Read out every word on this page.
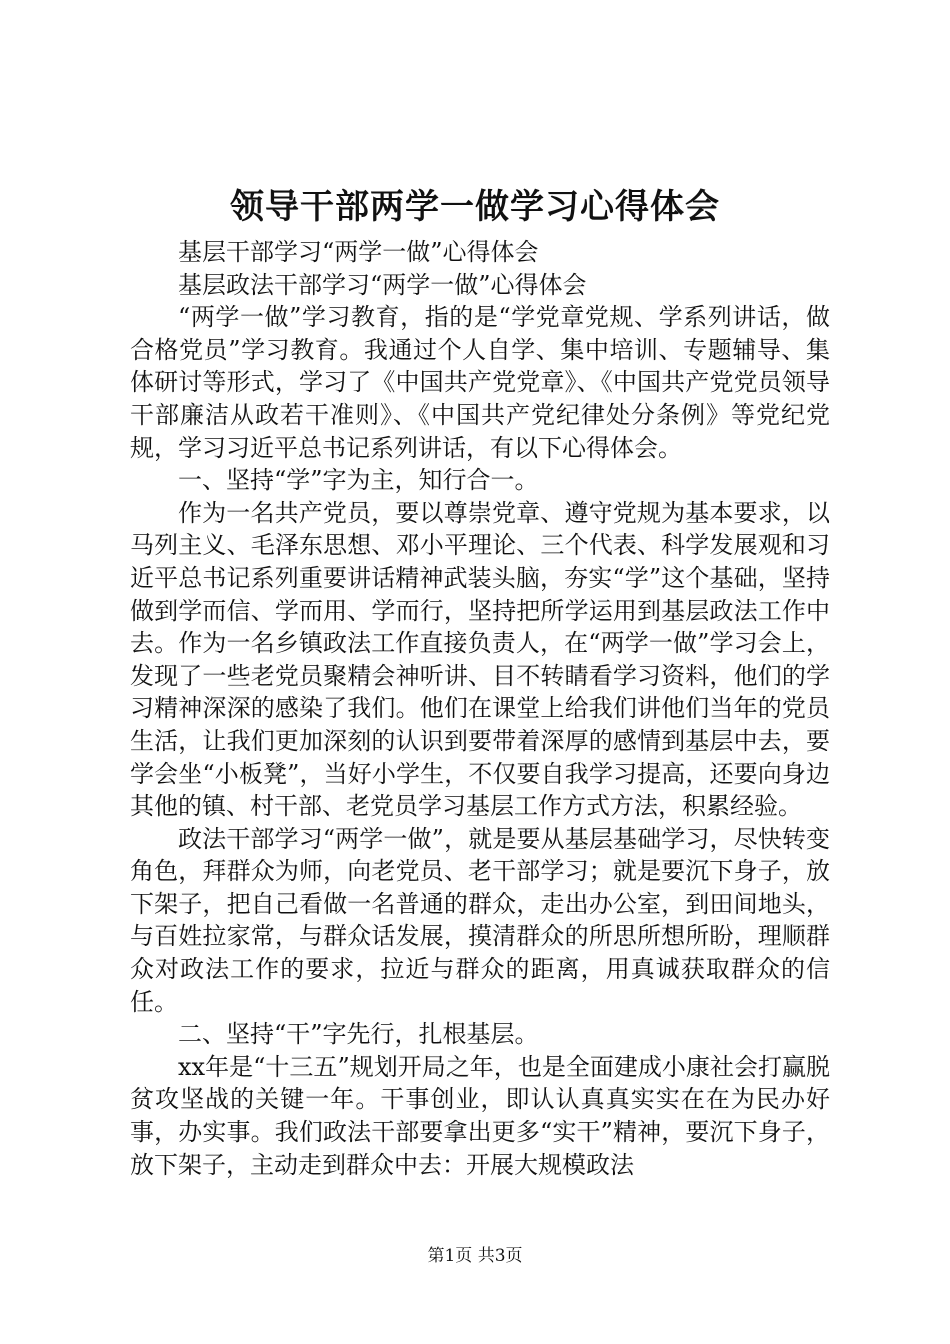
领导干部两学一做学习心得体会

基层干部学习“两学一做”心得体会

基层政法干部学习“两学一做”心得体会

“两学一做”学习教育，指的是“学党章党规、学系列讲话，做合格党员”学习教育。我通过个人自学、集中培训、专题辅导、集体研讨等形式，学习了《中国共产党党章》、《中国共产党党员领导干部廉洁从政若干准则》、《中国共产党纪律处分条例》等党纪党规，学习习近平总书记系列讲话，有以下心得体会。

一、坚持“学”字为主，知行合一。

作为一名共产党员，要以尊崇党章、遵守党规为基本要求，以马列主义、毛泽东思想、邓小平理论、三个代表、科学发展观和习近平总书记系列重要讲话精神武装头脑，夯实“学”这个基础，坚持做到学而信、学而用、学而行，坚持把所学运用到基层政法工作中去。作为一名乡镇政法工作直接负责人，在“两学一做”学习会上，发现了一些老党员聚精会神听讲、目不转睛看学习资料，他们的学习精神深深的感染了我们。他们在课堂上给我们讲他们当年的党员生活，让我们更加深刻的认识到要带着深厚的感情到基层中去，要学会坐“小板凳”，当好小学生，不仅要自我学习提高，还要向身边其他的镇、村干部、老党员学习基层工作方式方法，积累经验。

政法干部学习“两学一做”，就是要从基层基础学习，尽快转变角色，拜群众为师，向老党员、老干部学习；就是要沉下身子，放下架子，把自己看做一名普通的群众，走出办公室，到田间地头，与百姓拉家常，与群众话发展，摸清群众的所思所想所盼，理顺群众对政法工作的要求，拉近与群众的距离，用真诚获取群众的信任。

二、坚持“干”字先行，扎根基层。

xx年是“十三五”规划开局之年，也是全面建成小康社会打赢脱贫攻坚战的关键一年。干事创业，即认认真真实实在在为民办好事，办实事。我们政法干部要拿出更多“实干”精神，要沉下身子，放下架子，主动走到群众中去：开展大规模政法

第1页 共3页
